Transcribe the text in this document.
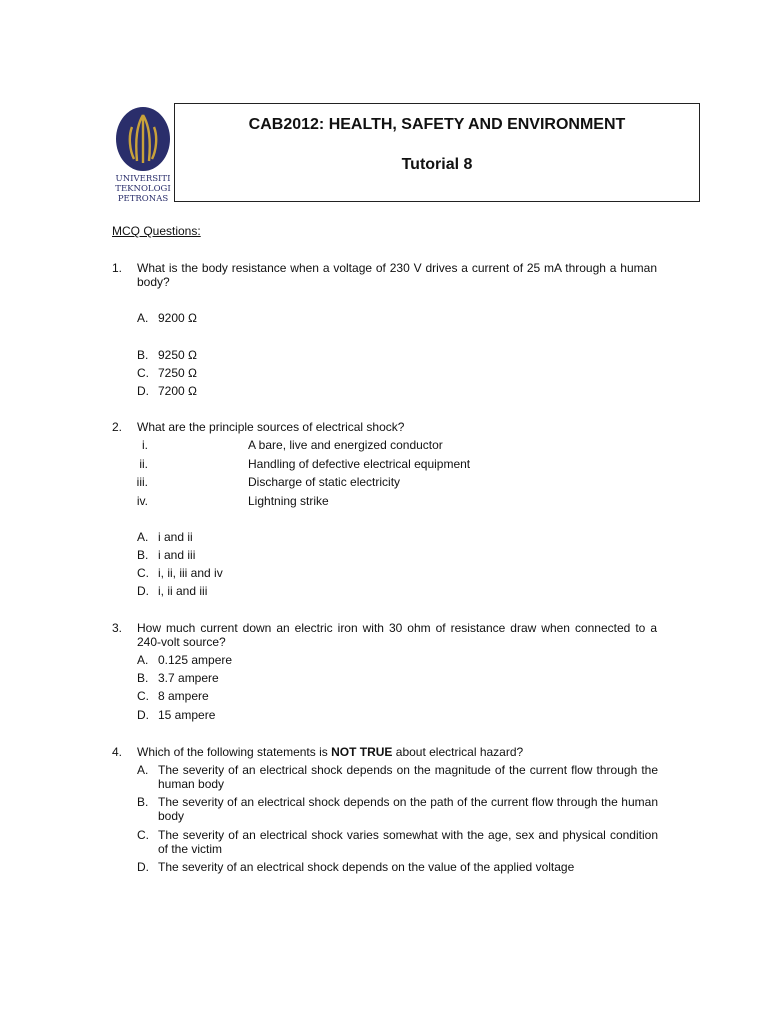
UNIVERSITI
TEKNOLOGI
PETRONAS
CAB2012: HEALTH, SAFETY AND ENVIRONMENT
Tutorial 8
MCQ Questions:
1. What is the body resistance when a voltage of 230 V drives a current of 25 mA through a human body?
A. 9200 Ω
B. 9250 Ω
C. 7250 Ω
D. 7200 Ω
2. What are the principle sources of electrical shock?
i.	A bare, live and energized conductor
ii.	Handling of defective electrical equipment
iii.	Discharge of static electricity
iv.	Lightning strike
A. i and ii
B. i and iii
C. i, ii, iii and iv
D. i, ii and iii
3. How much current down an electric iron with 30 ohm of resistance draw when connected to a 240-volt source?
A. 0.125 ampere
B. 3.7 ampere
C. 8 ampere
D. 15 ampere
4. Which of the following statements is NOT TRUE about electrical hazard?
A. The severity of an electrical shock depends on the magnitude of the current flow through the human body
B. The severity of an electrical shock depends on the path of the current flow through the human body
C. The severity of an electrical shock varies somewhat with the age, sex and physical condition of the victim
D. The severity of an electrical shock depends on the value of the applied voltage
